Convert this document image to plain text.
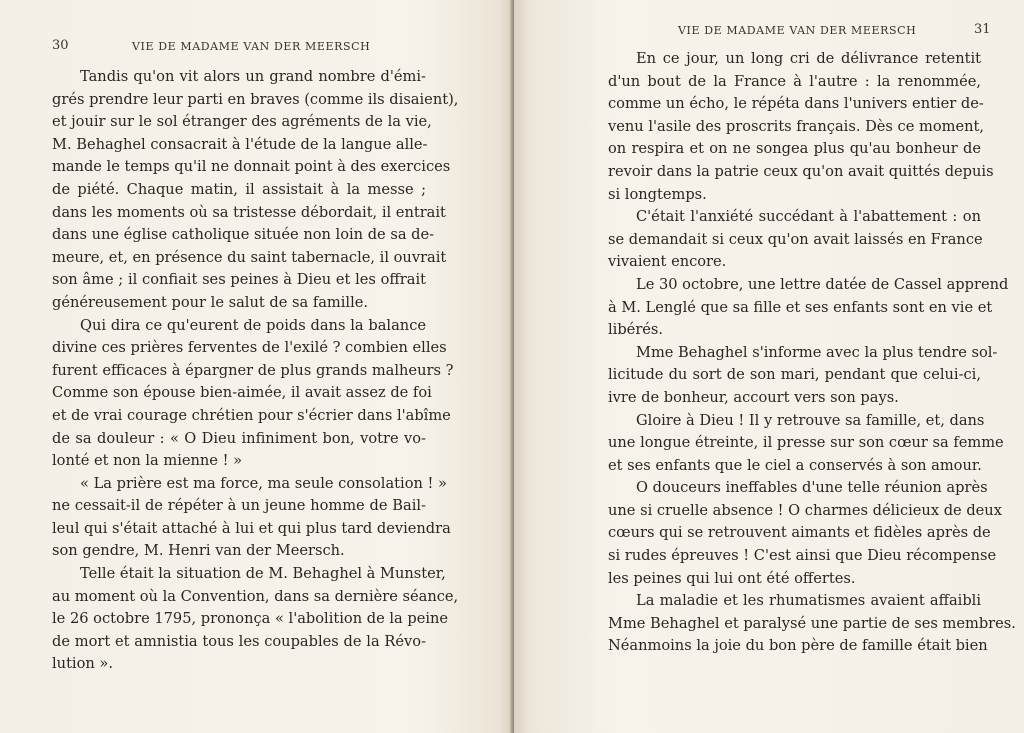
30	VIE DE MADAME VAN DER MEERSCH
Tandis qu'on vit alors un grand nombre d'émi-
grés prendre leur parti en braves (comme ils disaient),
et jouir sur le sol étranger des agréments de la vie,
M. Behaghel consacrait à l'étude de la langue alle-
mande le temps qu'il ne donnait point à des exercices
de piété. Chaque matin, il assistait à la messe ;
dans les moments où sa tristesse débordait, il entrait
dans une église catholique située non loin de sa de-
meure, et, en présence du saint tabernacle, il ouvrait
son âme ; il confiait ses peines à Dieu et les offrait
généreusement pour le salut de sa famille.
Qui dira ce qu'eurent de poids dans la balance
divine ces prières ferventes de l'exilé ? combien elles
furent efficaces à épargner de plus grands malheurs ?
Comme son épouse bien-aimée, il avait assez de foi
et de vrai courage chrétien pour s'écrier dans l'abîme
de sa douleur : « O Dieu infiniment bon, votre vo-
lonté et non la mienne ! »
« La prière est ma force, ma seule consolation ! »
ne cessait-il de répéter à un jeune homme de Bail-
leul qui s'était attaché à lui et qui plus tard deviendra
son gendre, M. Henri van der Meersch.
Telle était la situation de M. Behaghel à Munster,
au moment où la Convention, dans sa dernière séance,
le 26 octobre 1795, prononça « l'abolition de la peine
de mort et amnistia tous les coupables de la Révo-
lution ».
VIE DE MADAME VAN DER MEERSCH	31
En ce jour, un long cri de délivrance retentit
d'un bout de la France à l'autre : la renommée,
comme un écho, le répéta dans l'univers entier de-
venu l'asile des proscrits français. Dès ce moment,
on respira et on ne songea plus qu'au bonheur de
revoir dans la patrie ceux qu'on avait quittés depuis
si longtemps.
C'était l'anxiété succédant à l'abattement : on
se demandait si ceux qu'on avait laissés en France
vivaient encore.
Le 30 octobre, une lettre datée de Cassel apprend
à M. Lenglé que sa fille et ses enfants sont en vie et
libérés.
Mme Behaghel s'informe avec la plus tendre sol-
licitude du sort de son mari, pendant que celui-ci,
ivre de bonheur, accourt vers son pays.
Gloire à Dieu ! Il y retrouve sa famille, et, dans
une longue étreinte, il presse sur son cœur sa femme
et ses enfants que le ciel a conservés à son amour.
O douceurs ineffables d'une telle réunion après
une si cruelle absence ! O charmes délicieux de deux
cœurs qui se retrouvent aimants et fidèles après de
si rudes épreuves ! C'est ainsi que Dieu récompense
les peines qui lui ont été offertes.
La maladie et les rhumatismes avaient affaibli
Mme Behaghel et paralysé une partie de ses membres.
Néanmoins la joie du bon père de famille était bien
